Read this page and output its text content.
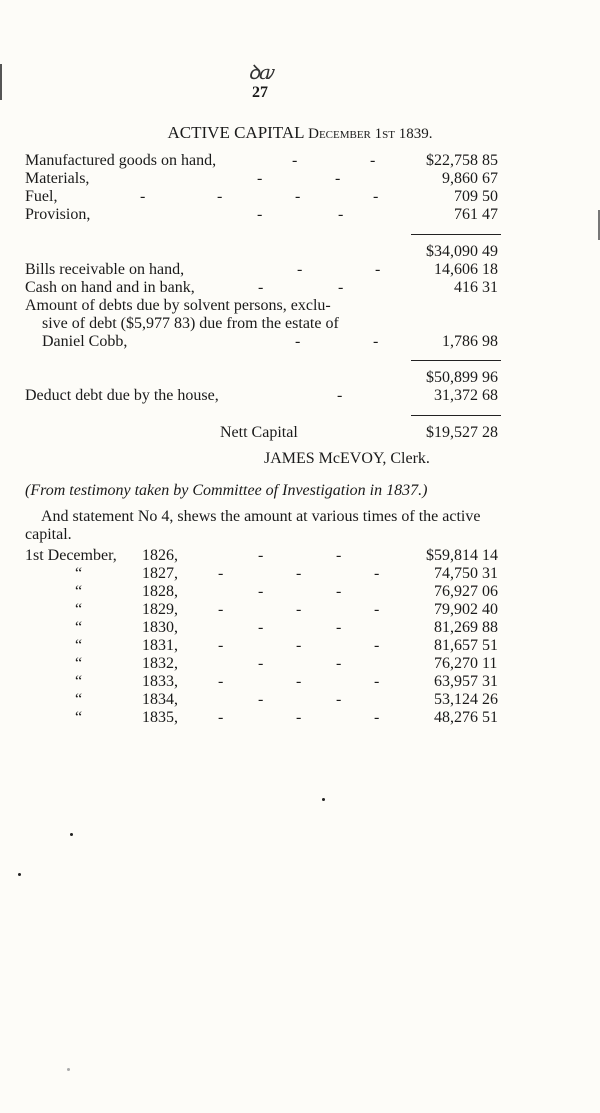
ꝺꜹ
27
ACTIVE CAPITAL December 1st 1839.
Manufactured goods on hand,	-	-	$22,758 85
Materials,	-	-	9,860 67
Fuel,	-	-	-	-	709 50
Provision,	-	-	761 47
$34,090 49
Bills receivable on hand,	-	-	14,606 18
Cash on hand and in bank,	-	-	416 31
Amount of debts due by solvent persons, exclu-
sive of debt ($5,977 83) due from the estate of
Daniel Cobb,	-	-	1,786 98
$50,899 96
Deduct debt due by the house,	-	31,372 68
Nett Capital	$19,527 28
JAMES McEVOY, Clerk.
(From testimony taken by Committee of Investigation in 1837.)
And statement No 4, shews the amount at various times of the active capital.
1st December, 1826,	-	-	$59,814 14
“	1827,	-	-	-	74,750 31
“	1828,	-	-	76,927 06
“	1829,	-	-	-	79,902 40
“	1830,	-	-	81,269 88
“	1831,	-	-	-	81,657 51
“	1832,	-	-	76,270 11
“	1833,	-	-	-	63,957 31
“	1834,	-	-	53,124 26
“	1835,	-	-	-	48,276 51
